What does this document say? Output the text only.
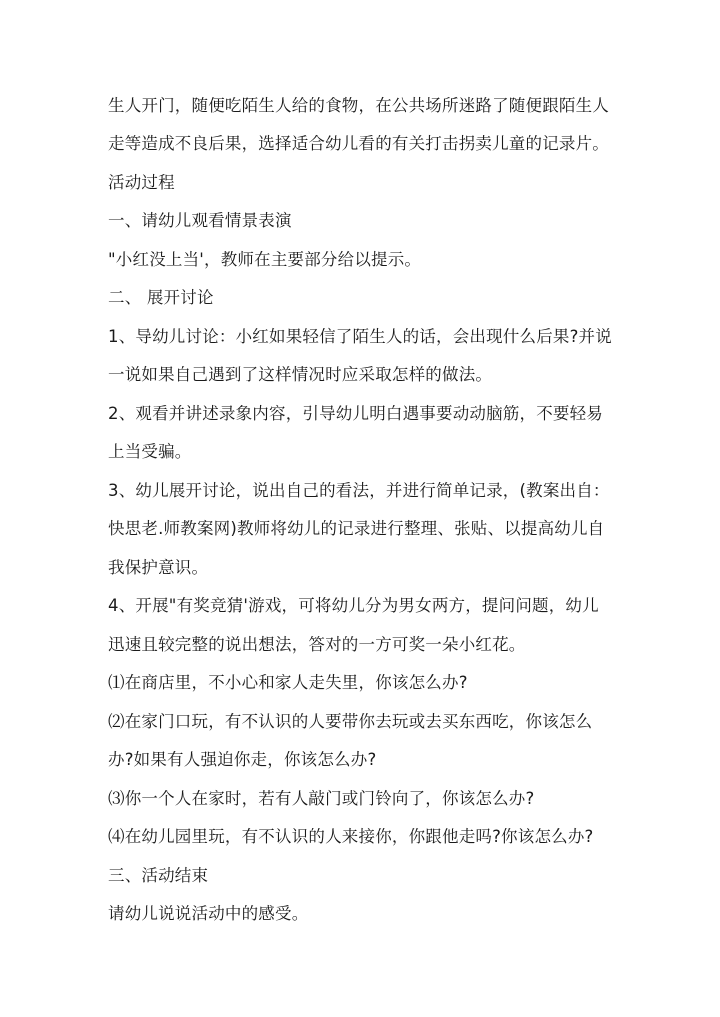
生人开门，随便吃陌生人给的食物，在公共场所迷路了随便跟陌生人
走等造成不良后果，选择适合幼儿看的有关打击拐卖儿童的记录片。
活动过程
一、请幼儿观看情景表演
"小红没上当'，教师在主要部分给以提示。
二、 展开讨论
1、导幼儿讨论：小红如果轻信了陌生人的话，会出现什么后果?并说
一说如果自己遇到了这样情况时应采取怎样的做法。
2、观看并讲述录象内容，引导幼儿明白遇事要动动脑筋，不要轻易
上当受骗。
3、幼儿展开讨论，说出自己的看法，并进行简单记录，(教案出自：
快思老.师教案网)教师将幼儿的记录进行整理、张贴、以提高幼儿自
我保护意识。
4、开展"有奖竞猜'游戏，可将幼儿分为男女两方，提问问题，幼儿
迅速且较完整的说出想法，答对的一方可奖一朵小红花。
⑴在商店里，不小心和家人走失里，你该怎么办?
⑵在家门口玩，有不认识的人要带你去玩或去买东西吃，你该怎么
办?如果有人强迫你走，你该怎么办?
⑶你一个人在家时，若有人敲门或门铃向了，你该怎么办?
⑷在幼儿园里玩，有不认识的人来接你，你跟他走吗?你该怎么办?
三、活动结束
请幼儿说说活动中的感受。
